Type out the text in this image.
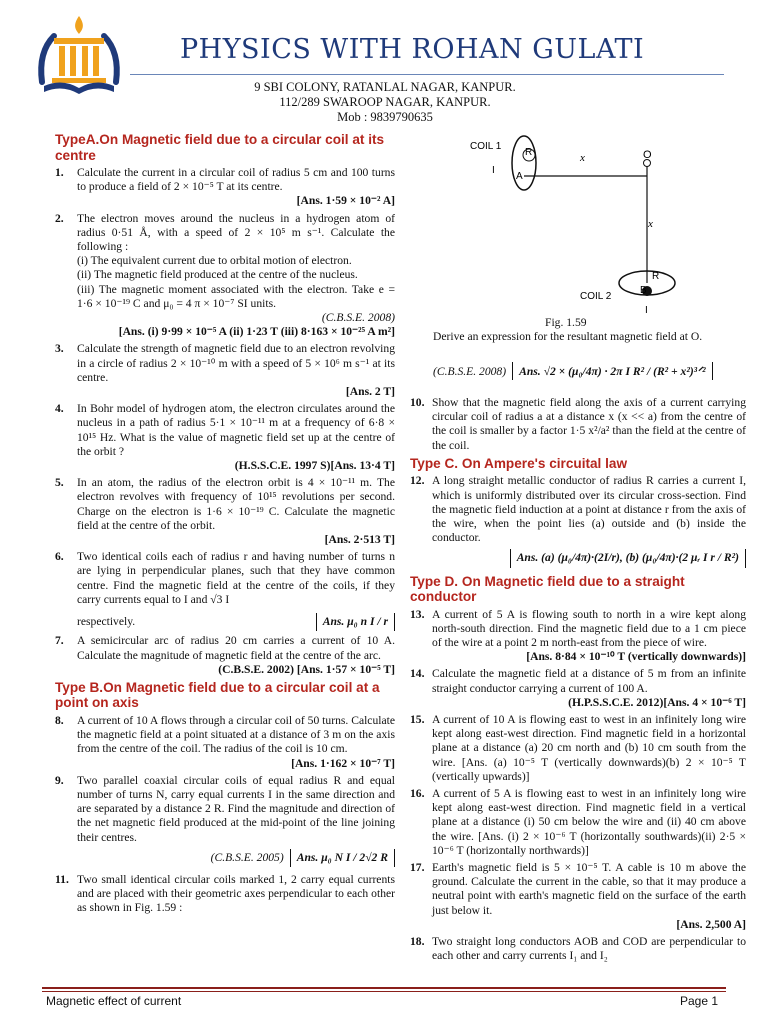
PHYSICS WITH ROHAN GULATI
9 SBI COLONY, RATANLAL NAGAR, KANPUR.
112/289 SWAROOP NAGAR, KANPUR.
Mob : 9839790635
TypeA.On Magnetic field due to a circular coil at its centre
1. Calculate the current in a circular coil of radius 5 cm and 100 turns to produce a field of 2 × 10⁻⁵ T at its centre.
[Ans. 1·59 × 10⁻² A]
2. The electron moves around the nucleus in a hydrogen atom of radius 0·51 Å, with a speed of 2 × 10⁵ m s⁻¹. Calculate the following :
(i) The equivalent current due to orbital motion of electron.
(ii) The magnetic field produced at the centre of the nucleus.
(iii) The magnetic moment associated with the electron. Take e = 1·6 × 10⁻¹⁹ C and μ₀ = 4 π × 10⁻⁷ SI units.
(C.B.S.E. 2008)
[Ans. (i) 9·99 × 10⁻⁵ A (ii) 1·23 T (iii) 8·163 × 10⁻²⁵ A m²]
3. Calculate the strength of magnetic field due to an electron revolving in a circle of radius 2 × 10⁻¹⁰ m with a speed of 5 × 10⁶ m s⁻¹ at its centre.
[Ans. 2 T]
4. In Bohr model of hydrogen atom, the electron circulates around the nucleus in a path of radius 5·1 × 10⁻¹¹ m at a frequency of 6·8 × 10¹⁵ Hz. What is the value of magnetic field set up at the centre of the orbit ?
(H.S.S.C.E. 1997 S)[Ans. 13·4 T]
5. In an atom, the radius of the electron orbit is 4 × 10⁻¹¹ m. The electron revolves with frequency of 10¹⁵ revolutions per second. Charge on the electron is 1·6 × 10⁻¹⁹ C. Calculate the magnetic field at the centre of the orbit.
[Ans. 2·513 T]
6. Two identical coils each of radius r and having number of turns n are lying in perpendicular planes, such that they have common centre. Find the magnetic field at the centre of the coils, if they carry currents equal to I and √3 I
respectively.	Ans. μ₀ n I / r
7. A semicircular arc of radius 20 cm carries a current of 10 A. Calculate the magnitude of magnetic field at the centre of the arc.
(C.B.S.E. 2002) [Ans. 1·57 × 10⁻⁵ T]
Type B.On Magnetic field due to a circular coil at a point on axis
8. A current of 10 A flows through a circular coil of 50 turns. Calculate the magnetic field at a point situated at a distance of 3 m on the axis from the centre of the coil. The radius of the coil is 10 cm.
[Ans. 1·162 × 10⁻⁷ T]
9. Two parallel coaxial circular coils of equal radius R and equal number of turns N, carry equal currents I in the same direction and are separated by a distance 2 R. Find the magnitude and direction of the net magnetic field produced at the mid-point of the line joining their centres.
(C.B.S.E. 2005)	Ans. μ₀ N I / 2√2 R
11. Two small identical circular coils marked 1, 2 carry equal currents and are placed with their geometric axes perpendicular to each other as shown in Fig. 1.59 :
COIL 1
R
A
I
x	O
x
R
B
COIL 2
I
Fig. 1.59
Derive an expression for the resultant magnetic field at O.
(C.B.S.E. 2008)	Ans. √2 × (μ₀/4π) · 2π I R² / (R² + x²)³ᐟ²
10. Show that the magnetic field along the axis of a current carrying circular coil of radius a at a distance x (x << a) from the centre of the coil is smaller by a factor 1·5 x²/a² than the field at the centre of the coil.
Type C. On Ampere's circuital law
12. A long straight metallic conductor of radius R carries a current I, which is uniformly distributed over its circular cross-section. Find the magnetic field induction at a point at distance r from the axis of the wire, when the point lies (a) outside and (b) inside the conductor.
Ans. (a) (μ₀/4π)·(2I/r), (b) (μ₀/4π)·(2 μᵣ I r / R²)
Type D. On Magnetic field due to a straight conductor
13. A current of 5 A is flowing south to north in a wire kept along north-south direction. Find the magnetic field due to a 1 cm piece of the wire at a point 2 m north-east from the piece of wire.
[Ans. 8·84 × 10⁻¹⁰ T (vertically downwards)]
14. Calculate the magnetic field at a distance of 5 m from an infinite straight conductor carrying a current of 100 A.
(H.P.S.S.C.E. 2012)[Ans. 4 × 10⁻⁶ T]
15. A current of 10 A is flowing east to west in an infinitely long wire kept along east-west direction. Find magnetic field in a horizontal plane at a distance (a) 20 cm north and (b) 10 cm south from the wire. [Ans. (a) 10⁻⁵ T (vertically downwards)(b) 2 × 10⁻⁵ T (vertically upwards)]
16. A current of 5 A is flowing east to west in an infinitely long wire kept along east-west direction. Find magnetic field in a vertical plane at a distance (i) 50 cm below the wire and (ii) 40 cm above the wire. [Ans. (i) 2 × 10⁻⁶ T (horizontally southwards)(ii) 2·5 × 10⁻⁶ T (horizontally northwards)]
17. Earth's magnetic field is 5 × 10⁻⁵ T. A cable is 10 m above the ground. Calculate the current in the cable, so that it may produce a neutral point with earth's magnetic field on the surface of the earth just below it.
[Ans. 2,500 A]
18. Two straight long conductors AOB and COD are perpendicular to each other and carry currents I₁ and I₂
Magnetic effect of current	Page 1
